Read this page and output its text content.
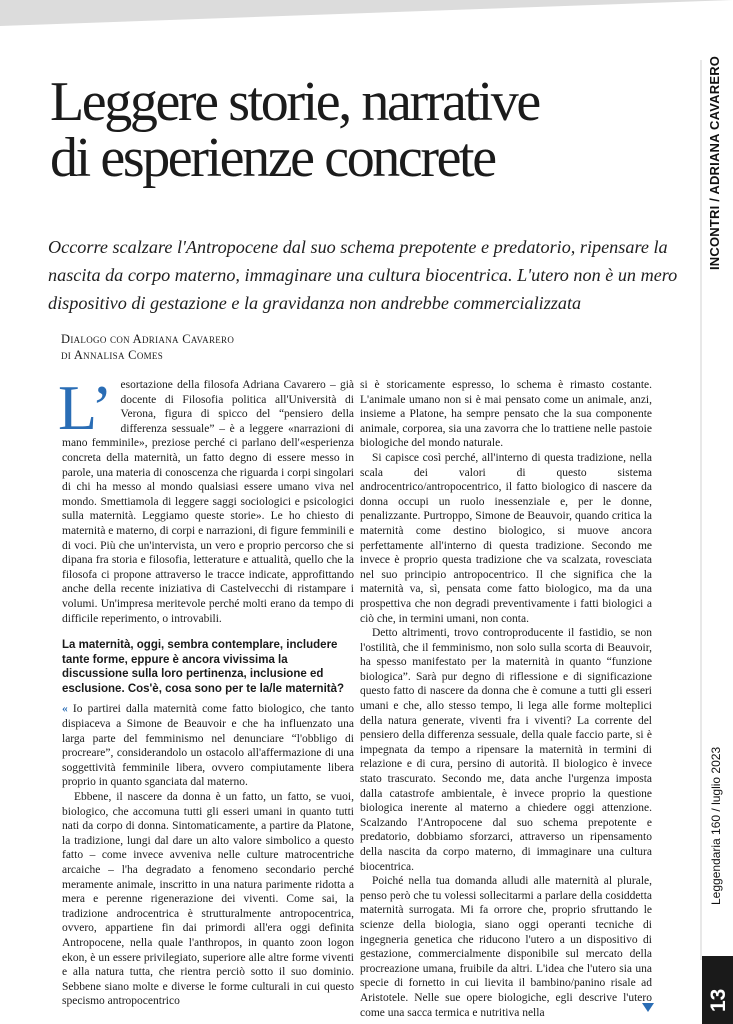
INCONTRI / ADRIANA CAVARERO
Leggendaria 160 / luglio 2023
13
Leggere storie, narrative
di esperienze concrete

Occorre scalzare l'Antropocene dal suo schema prepotente e predatorio, ripensare la nascita da corpo materno, immaginare una cultura biocentrica. L'utero non è un mero dispositivo di gestazione e la gravidanza non andrebbe commercializzata

Dialogo con Adriana Cavarero
di Annalisa Comes

L’ esortazione della filosofa Adriana Cavarero – già docente di Filosofia politica all'Università di Verona, figura di spicco del “pensiero della differenza sessuale” – è a leggere «narrazioni di mano femminile», preziose perché ci parlano dell'«esperienza concreta della maternità, un fatto degno di essere messo in parole, una materia di conoscenza che riguarda i corpi singolari di chi ha messo al mondo qualsiasi essere umano viva nel mondo. Smettiamola di leggere saggi sociologici e psicologici sulla maternità. Leggiamo queste storie». Le ho chiesto di maternità e materno, di corpi e narrazioni, di figure femminili e di voci. Più che un'intervista, un vero e proprio percorso che si dipana fra storia e filosofia, letterature e attualità, quello che la filosofa ci propone attraverso le tracce indicate, approfittando anche della recente iniziativa di Castelvecchi di ristampare i volumi. Un'impresa meritevole perché molti erano da tempo di difficile reperimento, o introvabili.

La maternità, oggi, sembra contemplare, includere tante forme, eppure è ancora vivissima la discussione sulla loro pertinenza, inclusione ed esclusione. Cos'è, cosa sono per te la/le maternità?

« Io partirei dalla maternità come fatto biologico, che tanto dispiaceva a Simone de Beauvoir e che ha influenzato una larga parte del femminismo nel denunciare “l'obbligo di procreare”, considerandolo un ostacolo all'affermazione di una soggettività femminile libera, ovvero compiutamente libera proprio in quanto sganciata dal materno.

Ebbene, il nascere da donna è un fatto, un fatto, se vuoi, biologico, che accomuna tutti gli esseri umani in quanto tutti nati da corpo di donna. Sintomaticamente, a partire da Platone, la tradizione, lungi dal dare un alto valore simbolico a questo fatto – come invece avveniva nelle culture matrocentriche arcaiche – l'ha degradato a fenomeno secondario perché meramente animale, inscritto in una natura parimente ridotta a mera e perenne rigenerazione dei viventi. Come sai, la tradizione androcentrica è strutturalmente antropocentrica, ovvero, appartiene fin dai primordi all'era oggi definita Antropocene, nella quale l'anthropos, in quanto zoon logon ekon, è un essere privilegiato, superiore alle altre forme viventi e alla natura tutta, che rientra perciò sotto il suo dominio. Sebbene siano molte e diverse le forme culturali in cui questo specismo antropocentrico

si è storicamente espresso, lo schema è rimasto costante. L'animale umano non si è mai pensato come un animale, anzi, insieme a Platone, ha sempre pensato che la sua componente animale, corporea, sia una zavorra che lo trattiene nelle pastoie biologiche del mondo naturale.

Si capisce così perché, all'interno di questa tradizione, nella scala dei valori di questo sistema androcentrico/antropocentrico, il fatto biologico di nascere da donna occupi un ruolo inessenziale e, per le donne, penalizzante. Purtroppo, Simone de Beauvoir, quando critica la maternità come destino biologico, si muove ancora perfettamente all'interno di questa tradizione. Secondo me invece è proprio questa tradizione che va scalzata, rovesciata nel suo principio antropocentrico. Il che significa che la maternità va, sì, pensata come fatto biologico, ma da una prospettiva che non degradi preventivamente i fatti biologici a ciò che, in termini umani, non conta.

Detto altrimenti, trovo controproducente il fastidio, se non l'ostilità, che il femminismo, non solo sulla scorta di Beauvoir, ha spesso manifestato per la maternità in quanto “funzione biologica”. Sarà pur degno di riflessione e di significazione questo fatto di nascere da donna che è comune a tutti gli esseri umani e che, allo stesso tempo, li lega alle forme molteplici della natura generate, viventi fra i viventi? La corrente del pensiero della differenza sessuale, della quale faccio parte, si è impegnata da tempo a ripensare la maternità in termini di relazione e di cura, persino di autorità. Il biologico è invece stato trascurato. Secondo me, data anche l'urgenza imposta dalla catastrofe ambientale, è invece proprio la questione biologica inerente al materno a chiedere oggi attenzione. Scalzando l'Antropocene dal suo schema prepotente e predatorio, dobbiamo sforzarci, attraverso un ripensamento della nascita da corpo materno, di immaginare una cultura biocentrica.

Poiché nella tua domanda alludi alle maternità al plurale, penso però che tu volessi sollecitarmi a parlare della cosiddetta maternità surrogata. Mi fa orrore che, proprio sfruttando le scienze della biologia, siano oggi operanti tecniche di ingegneria genetica che riducono l'utero a un dispositivo di gestazione, commercialmente disponibile sul mercato della procreazione umana, fruibile da altri. L'idea che l'utero sia una specie di fornetto in cui lievita il bambino/panino risale ad Aristotele. Nelle sue opere biologiche, egli descrive l'utero come una sacca termica e nutritiva nella
